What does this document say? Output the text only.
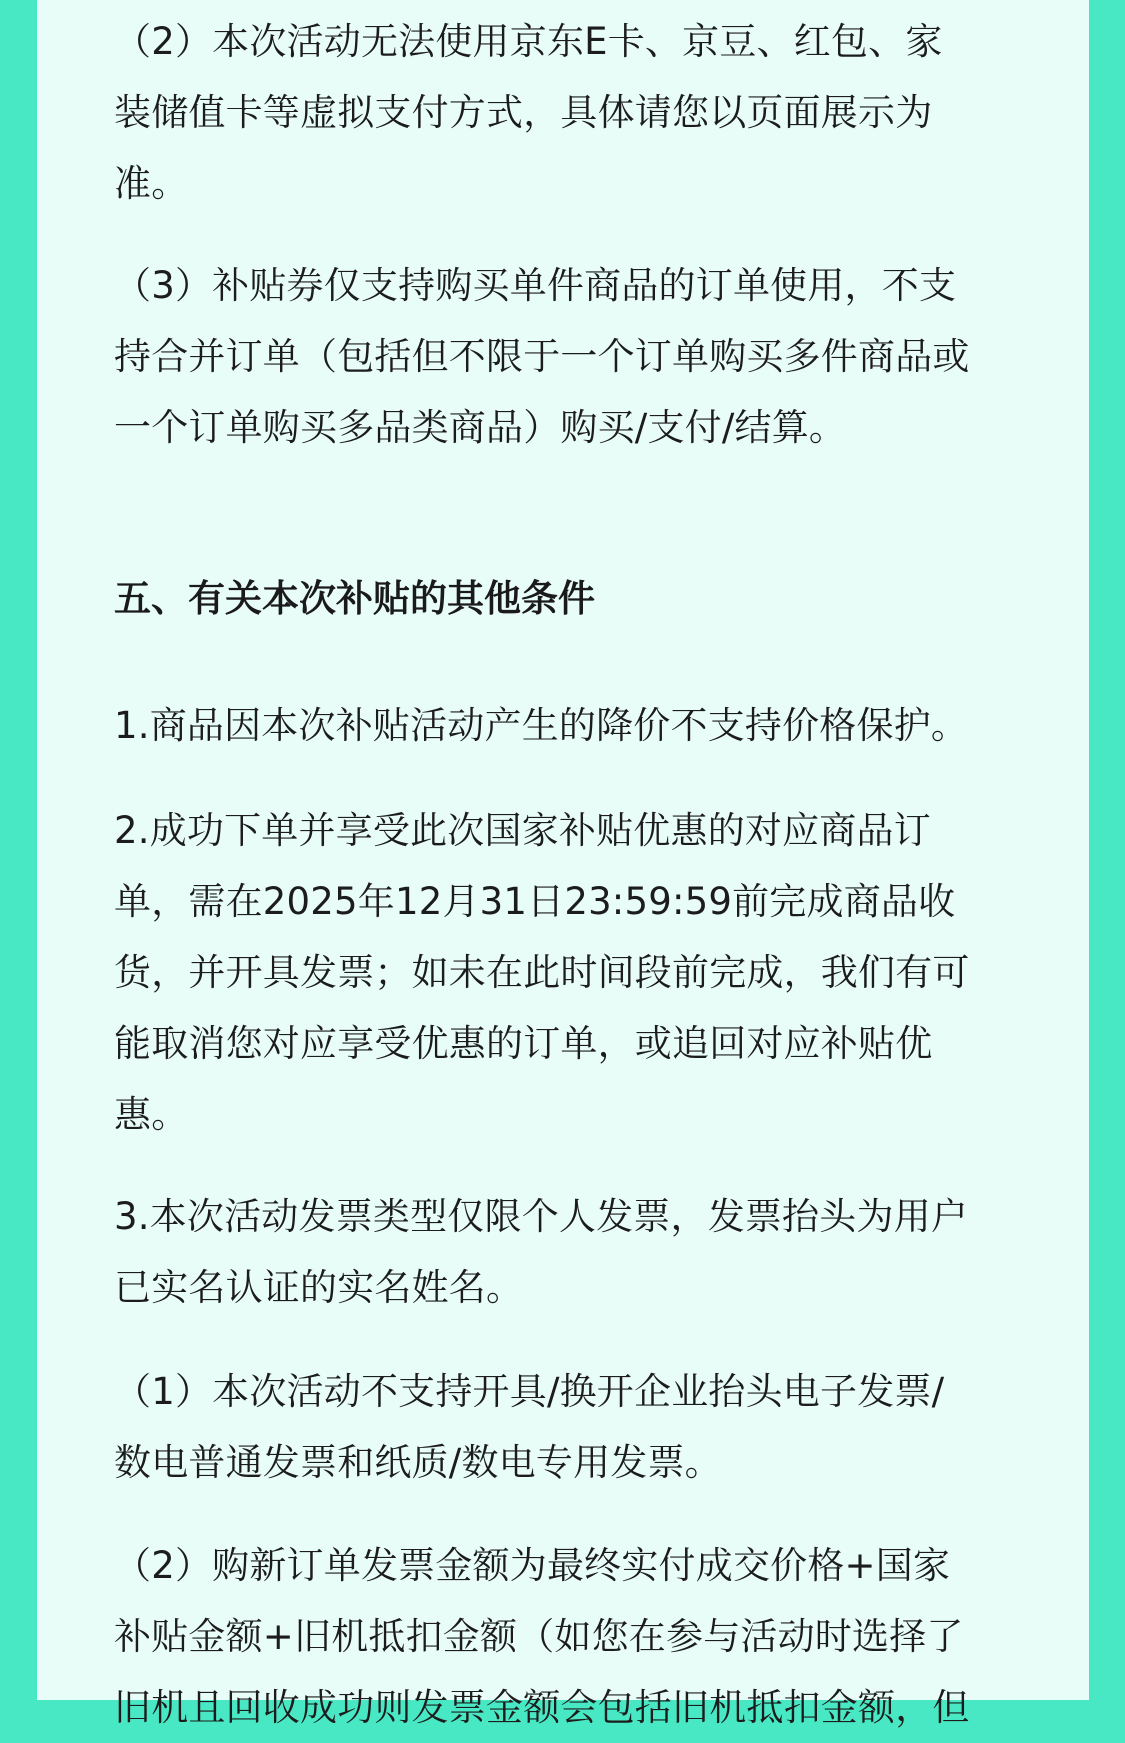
（2）本次活动无法使用京东E卡、京豆、红包、家
装储值卡等虚拟支付方式，具体请您以页面展示为
准。
（3）补贴券仅支持购买单件商品的订单使用，不支
持合并订单（包括但不限于一个订单购买多件商品或
一个订单购买多品类商品）购买/支付/结算。
五、有关本次补贴的其他条件
1.商品因本次补贴活动产生的降价不支持价格保护。
2.成功下单并享受此次国家补贴优惠的对应商品订
单，需在2025年12月31日23:59:59前完成商品收
货，并开具发票；如未在此时间段前完成，我们有可
能取消您对应享受优惠的订单，或追回对应补贴优
惠。
3.本次活动发票类型仅限个人发票，发票抬头为用户
已实名认证的实名姓名。
（1）本次活动不支持开具/换开企业抬头电子发票/
数电普通发票和纸质/数电专用发票。
（2）购新订单发票金额为最终实付成交价格+国家
补贴金额+旧机抵扣金额（如您在参与活动时选择了
旧机且回收成功则发票金额会包括旧机抵扣金额，但
